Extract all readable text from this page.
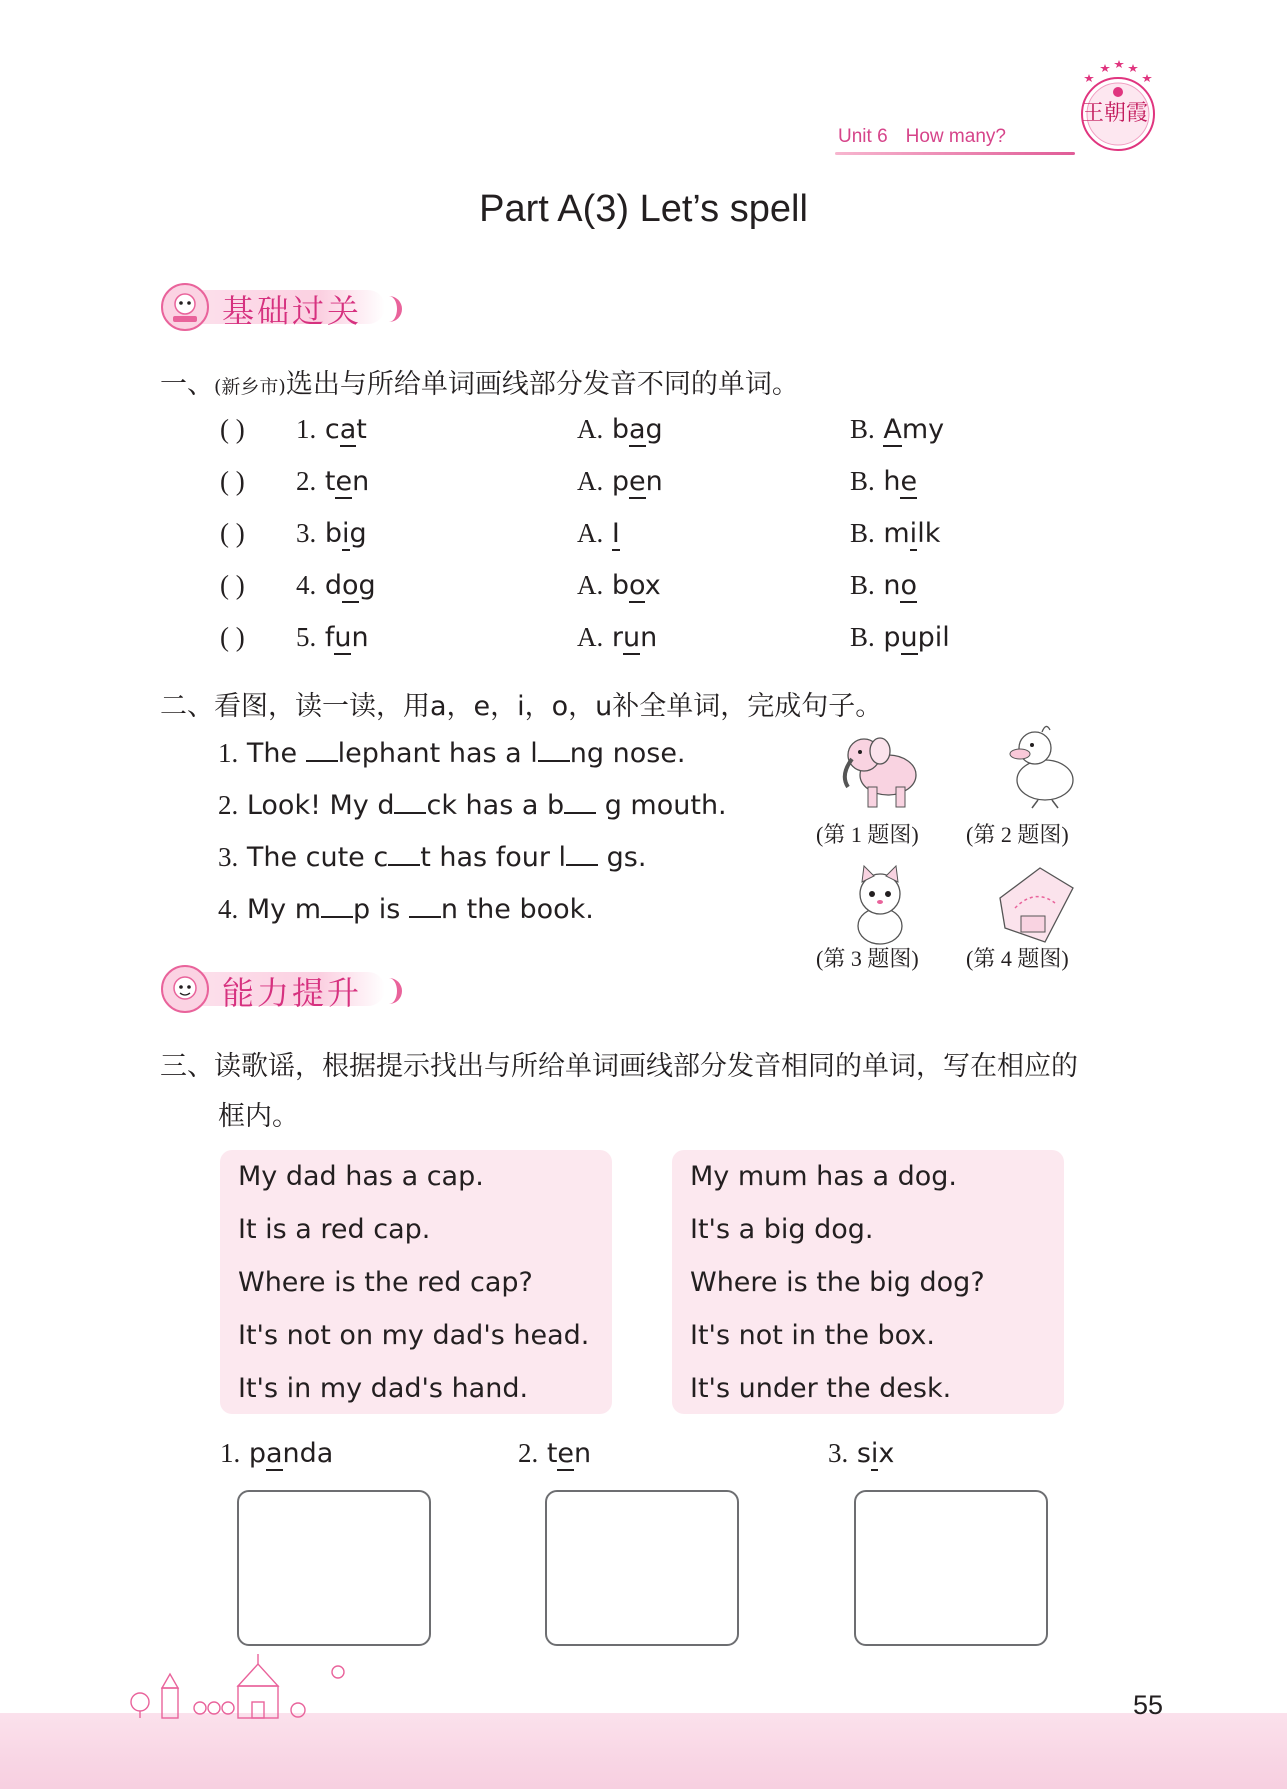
Unit 6 How many?
王朝霞
Part A(3) Let’s spell
基础过关
一、(新乡市)选出与所给单词画线部分发音不同的单词。
( ) 1. cat	A. bag	B. Amy
( ) 2. ten	A. pen	B. he
( ) 3. big	A. I	B. milk
( ) 4. dog	A. box	B. no
( ) 5. fun	A. run	B. pupil
二、看图，读一读，用a，e，i，o，u补全单词，完成句子。
1. The lephant has a l ng nose.
2. Look! My d ck has a b g mouth.
3. The cute c t has four l gs.
4. My m p is n the book.
(第 1 题图) (第 2 题图)
(第 3 题图) (第 4 题图)
能力提升
三、读歌谣，根据提示找出与所给单词画线部分发音相同的单词，写在相应的
框内。
My dad has a cap.
It is a red cap.
Where is the red cap?
It's not on my dad's head.
It's in my dad's hand.
My mum has a dog.
It's a big dog.
Where is the big dog?
It's not in the box.
It's under the desk.
1. panda	2. ten	3. six
55
